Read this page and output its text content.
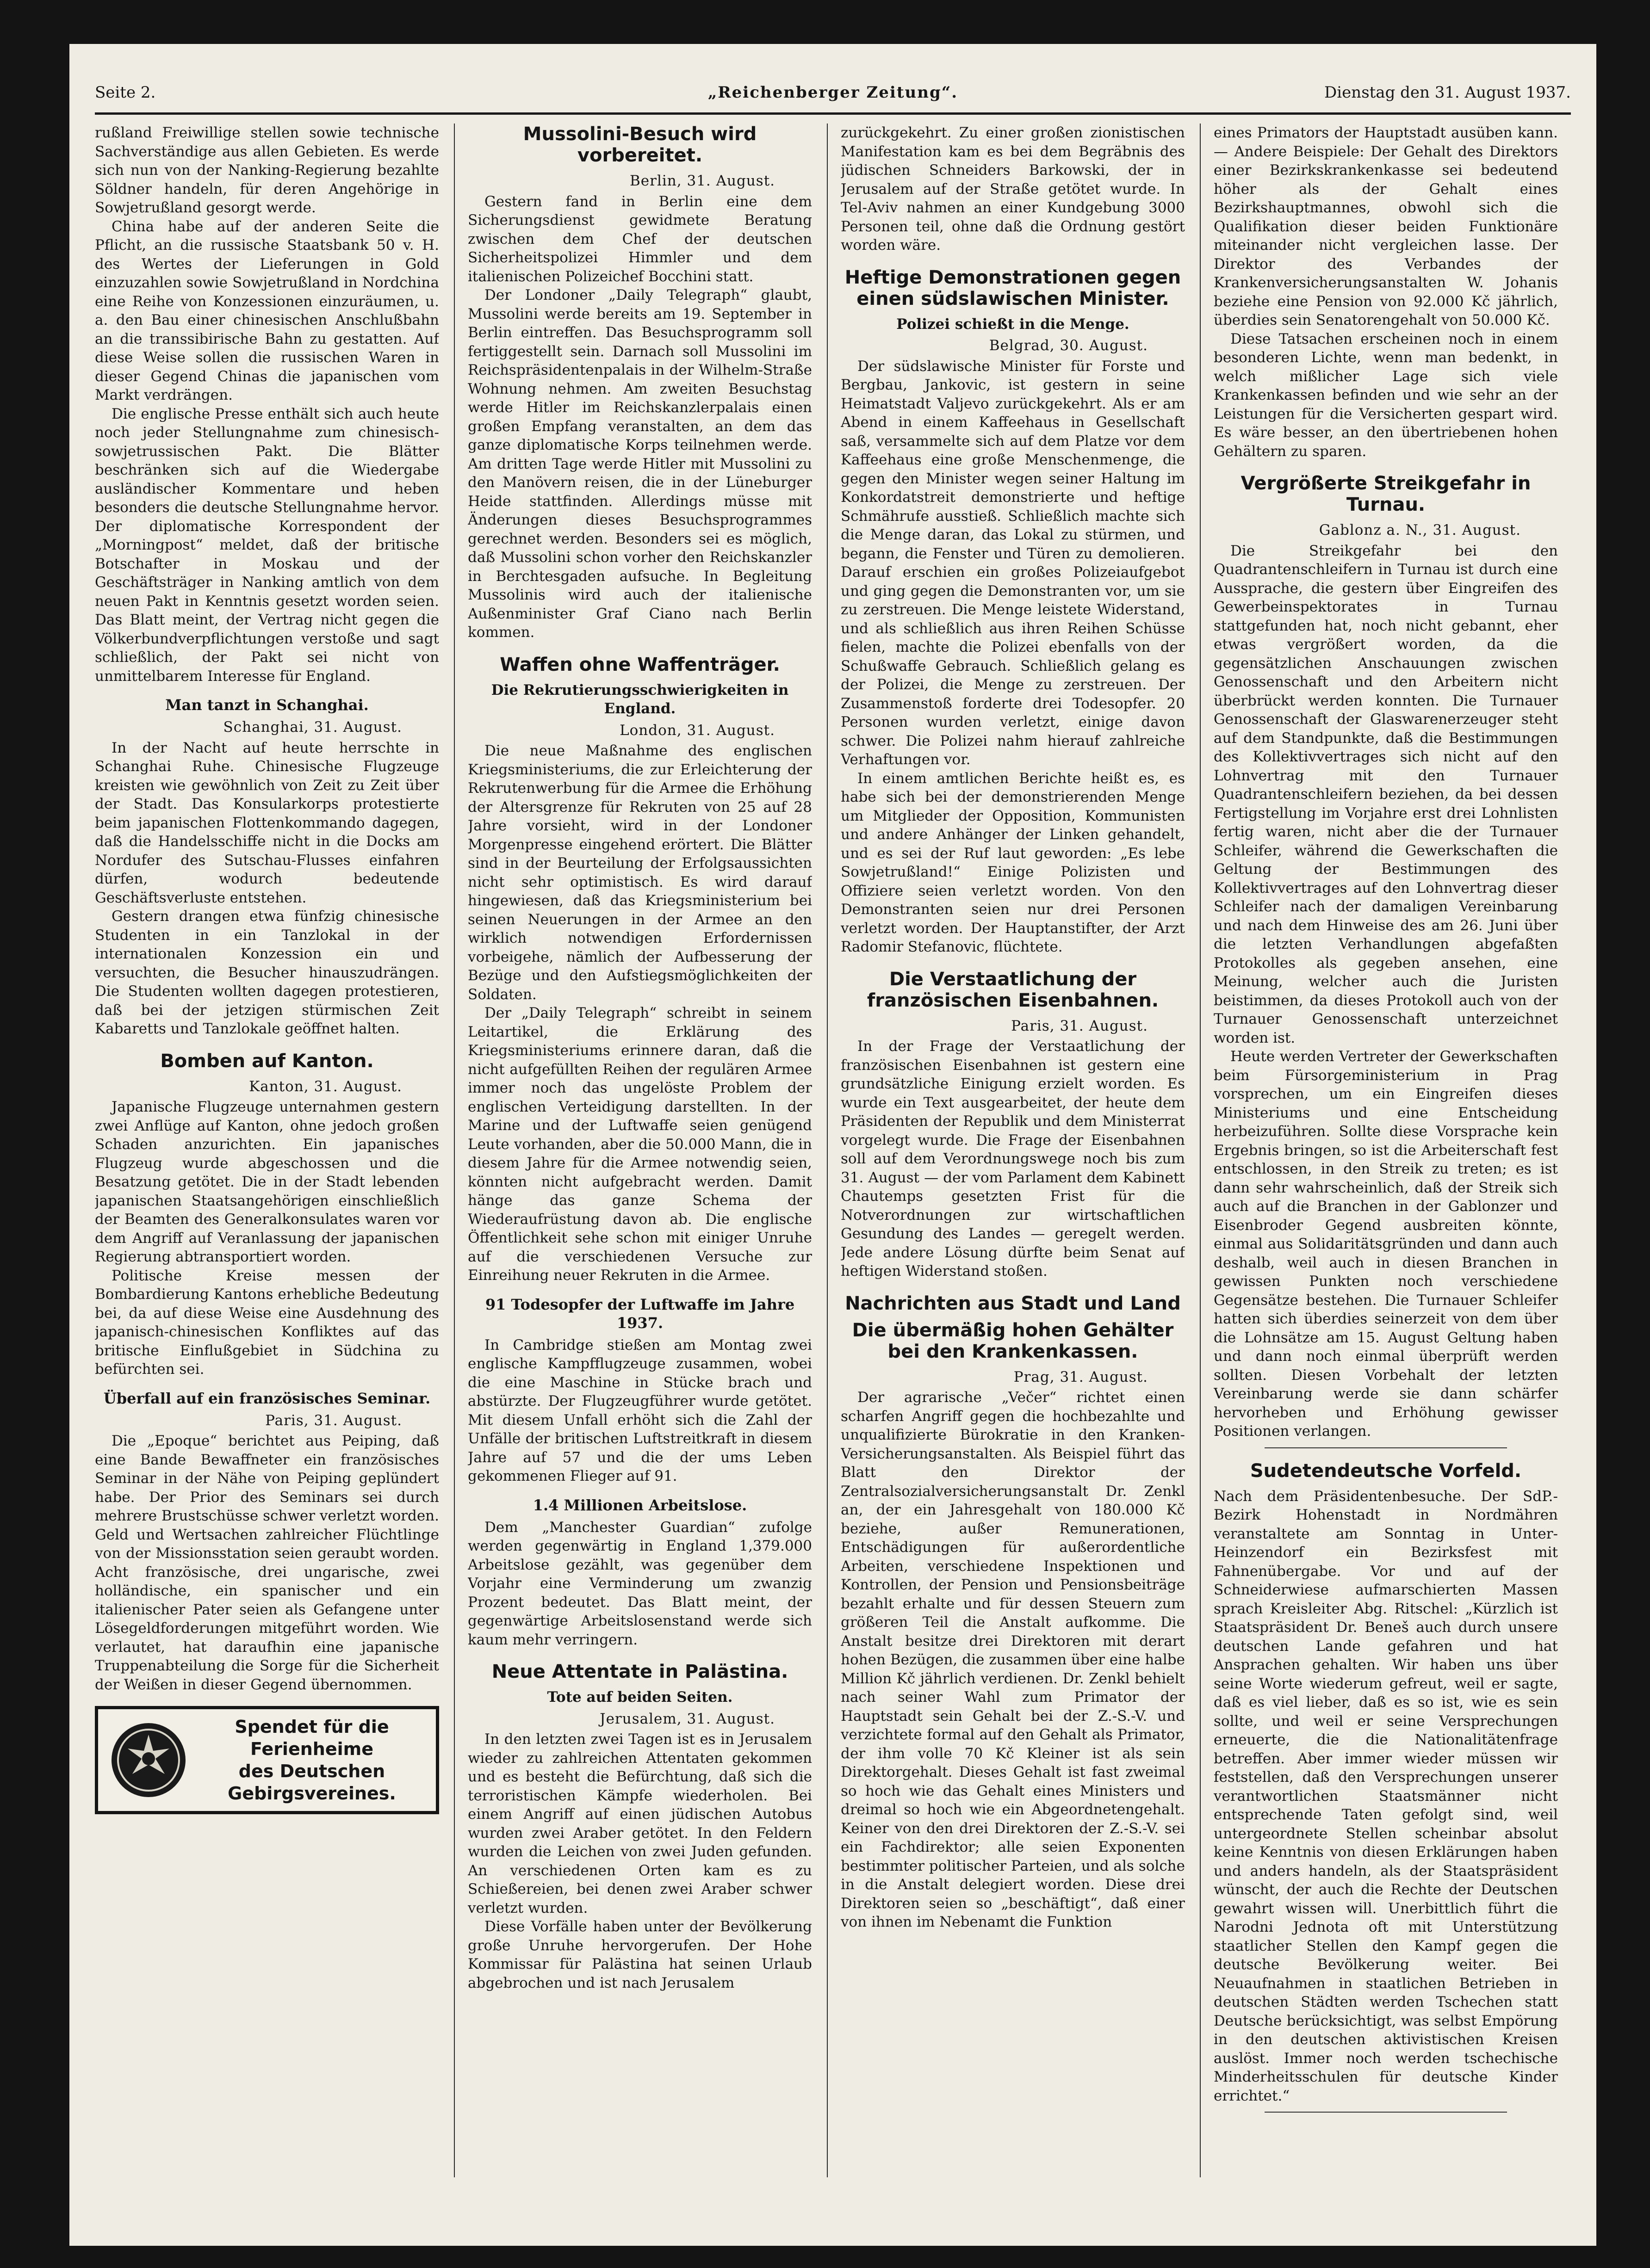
Seite 2.	„Reichenberger Zeitung“.	Dienstag den 31. August 1937.

rußland Freiwillige stellen sowie technische Sachverständige aus allen Gebieten. Es werde sich nun von der Nanking-Regierung bezahlte Söldner handeln, für deren Angehörige in Sowjetrußland gesorgt werde.

China habe auf der anderen Seite die Pflicht, an die russische Staatsbank 50 v. H. des Wertes der Lieferungen in Gold einzuzahlen sowie Sowjetrußland in Nordchina eine Reihe von Konzessionen einzuräumen, u. a. den Bau einer chinesischen Anschlußbahn an die transsibirische Bahn zu gestatten. Auf diese Weise sollen die russischen Waren in dieser Gegend Chinas die japanischen vom Markt verdrängen.

Die englische Presse enthält sich auch heute noch jeder Stellungnahme zum chinesisch-sowjetrussischen Pakt. Die Blätter beschränken sich auf die Wiedergabe ausländischer Kommentare und heben besonders die deutsche Stellungnahme hervor. Der diplomatische Korrespondent der „Morningpost“ meldet, daß der britische Botschafter in Moskau und der Geschäftsträger in Nanking amtlich von dem neuen Pakt in Kenntnis gesetzt worden seien. Das Blatt meint, der Vertrag nicht gegen die Völkerbundverpflichtungen verstoße und sagt schließlich, der Pakt sei nicht von unmittelbarem Interesse für England.

Man tanzt in Schanghai.
Schanghai, 31. August.

In der Nacht auf heute herrschte in Schanghai Ruhe. Chinesische Flugzeuge kreisten wie gewöhnlich von Zeit zu Zeit über der Stadt. Das Konsularkorps protestierte beim japanischen Flottenkommando dagegen, daß die Handelsschiffe nicht in die Docks am Nordufer des Sutschau-Flusses einfahren dürfen, wodurch bedeutende Geschäftsverluste entstehen.

Gestern drangen etwa fünfzig chinesische Studenten in ein Tanzlokal in der internationalen Konzession ein und versuchten, die Besucher hinauszudrängen. Die Studenten wollten dagegen protestieren, daß bei der jetzigen stürmischen Zeit Kabaretts und Tanzlokale geöffnet halten.

Bomben auf Kanton.
Kanton, 31. August.

Japanische Flugzeuge unternahmen gestern zwei Anflüge auf Kanton, ohne jedoch großen Schaden anzurichten. Ein japanisches Flugzeug wurde abgeschossen und die Besatzung getötet. Die in der Stadt lebenden japanischen Staatsangehörigen einschließlich der Beamten des Generalkonsulates waren vor dem Angriff auf Veranlassung der japanischen Regierung abtransportiert worden.

Politische Kreise messen der Bombardierung Kantons erhebliche Bedeutung bei, da auf diese Weise eine Ausdehnung des japanisch-chinesischen Konfliktes auf das britische Einflußgebiet in Südchina zu befürchten sei.

Überfall auf ein französisches Seminar.
Paris, 31. August.

Die „Epoque“ berichtet aus Peiping, daß eine Bande Bewaffneter ein französisches Seminar in der Nähe von Peiping geplündert habe. Der Prior des Seminars sei durch mehrere Brustschüsse schwer verletzt worden. Geld und Wertsachen zahlreicher Flüchtlinge von der Missionsstation seien geraubt worden. Acht französische, drei ungarische, zwei holländische, ein spanischer und ein italienischer Pater seien als Gefangene unter Lösegeldforderungen mitgeführt worden. Wie verlautet, hat daraufhin eine japanische Truppenabteilung die Sorge für die Sicherheit der Weißen in dieser Gegend übernommen.

Spendet für die
Ferienheime
des Deutschen
Gebirgsvereines.
Mussolini-Besuch wird vorbereitet.
Berlin, 31. August.

Gestern fand in Berlin eine dem Sicherungsdienst gewidmete Beratung zwischen dem Chef der deutschen Sicherheitspolizei Himmler und dem italienischen Polizeichef Bocchini statt.

Der Londoner „Daily Telegraph“ glaubt, Mussolini werde bereits am 19. September in Berlin eintreffen. Das Besuchsprogramm soll fertiggestellt sein. Darnach soll Mussolini im Reichspräsidentenpalais in der Wilhelm-Straße Wohnung nehmen. Am zweiten Besuchstag werde Hitler im Reichskanzlerpalais einen großen Empfang veranstalten, an dem das ganze diplomatische Korps teilnehmen werde. Am dritten Tage werde Hitler mit Mussolini zu den Manövern reisen, die in der Lüneburger Heide stattfinden. Allerdings müsse mit Änderungen dieses Besuchsprogrammes gerechnet werden. Besonders sei es möglich, daß Mussolini schon vorher den Reichskanzler in Berchtesgaden aufsuche. In Begleitung Mussolinis wird auch der italienische Außenminister Graf Ciano nach Berlin kommen.

Waffen ohne Waffenträger.
Die Rekrutierungsschwierigkeiten in England.
London, 31. August.

Die neue Maßnahme des englischen Kriegsministeriums, die zur Erleichterung der Rekrutenwerbung für die Armee die Erhöhung der Altersgrenze für Rekruten von 25 auf 28 Jahre vorsieht, wird in der Londoner Morgenpresse eingehend erörtert. Die Blätter sind in der Beurteilung der Erfolgsaussichten nicht sehr optimistisch. Es wird darauf hingewiesen, daß das Kriegsministerium bei seinen Neuerungen in der Armee an den wirklich notwendigen Erfordernissen vorbeigehe, nämlich der Aufbesserung der Bezüge und den Aufstiegsmöglichkeiten der Soldaten.

Der „Daily Telegraph“ schreibt in seinem Leitartikel, die Erklärung des Kriegsministeriums erinnere daran, daß die nicht aufgefüllten Reihen der regulären Armee immer noch das ungelöste Problem der englischen Verteidigung darstellten. In der Marine und der Luftwaffe seien genügend Leute vorhanden, aber die 50.000 Mann, die in diesem Jahre für die Armee notwendig seien, könnten nicht aufgebracht werden. Damit hänge das ganze Schema der Wiederaufrüstung davon ab. Die englische Öffentlichkeit sehe schon mit einiger Unruhe auf die verschiedenen Versuche zur Einreihung neuer Rekruten in die Armee.

91 Todesopfer der Luftwaffe im Jahre 1937.

In Cambridge stießen am Montag zwei englische Kampfflugzeuge zusammen, wobei die eine Maschine in Stücke brach und abstürzte. Der Flugzeugführer wurde getötet. Mit diesem Unfall erhöht sich die Zahl der Unfälle der britischen Luftstreitkraft in diesem Jahre auf 57 und die der ums Leben gekommenen Flieger auf 91.

1.4 Millionen Arbeitslose.

Dem „Manchester Guardian“ zufolge werden gegenwärtig in England 1,379.000 Arbeitslose gezählt, was gegenüber dem Vorjahr eine Verminderung um zwanzig Prozent bedeutet. Das Blatt meint, der gegenwärtige Arbeitslosenstand werde sich kaum mehr verringern.

Neue Attentate in Palästina.
Tote auf beiden Seiten.
Jerusalem, 31. August.

In den letzten zwei Tagen ist es in Jerusalem wieder zu zahlreichen Attentaten gekommen und es besteht die Befürchtung, daß sich die terroristischen Kämpfe wiederholen. Bei einem Angriff auf einen jüdischen Autobus wurden zwei Araber getötet. In den Feldern wurden die Leichen von zwei Juden gefunden. An verschiedenen Orten kam es zu Schießereien, bei denen zwei Araber schwer verletzt wurden.

Diese Vorfälle haben unter der Bevölkerung große Unruhe hervorgerufen. Der Hohe Kommissar für Palästina hat seinen Urlaub abgebrochen und ist nach Jerusalem

zurückgekehrt. Zu einer großen zionistischen Manifestation kam es bei dem Begräbnis des jüdischen Schneiders Barkowski, der in Jerusalem auf der Straße getötet wurde. In Tel-Aviv nahmen an einer Kundgebung 3000 Personen teil, ohne daß die Ordnung gestört worden wäre.

Heftige Demonstrationen gegen einen südslawischen Minister.
Polizei schießt in die Menge.
Belgrad, 30. August.

Der südslawische Minister für Forste und Bergbau, Jankovic, ist gestern in seine Heimatstadt Valjevo zurückgekehrt. Als er am Abend in einem Kaffeehaus in Gesellschaft saß, versammelte sich auf dem Platze vor dem Kaffeehaus eine große Menschenmenge, die gegen den Minister wegen seiner Haltung im Konkordatstreit demonstrierte und heftige Schmährufe ausstieß. Schließlich machte sich die Menge daran, das Lokal zu stürmen, und begann, die Fenster und Türen zu demolieren. Darauf erschien ein großes Polizeiaufgebot und ging gegen die Demonstranten vor, um sie zu zerstreuen. Die Menge leistete Widerstand, und als schließlich aus ihren Reihen Schüsse fielen, machte die Polizei ebenfalls von der Schußwaffe Gebrauch. Schließlich gelang es der Polizei, die Menge zu zerstreuen. Der Zusammenstoß forderte drei Todesopfer. 20 Personen wurden verletzt, einige davon schwer. Die Polizei nahm hierauf zahlreiche Verhaftungen vor.

In einem amtlichen Berichte heißt es, es habe sich bei der demonstrierenden Menge um Mitglieder der Opposition, Kommunisten und andere Anhänger der Linken gehandelt, und es sei der Ruf laut geworden: „Es lebe Sowjetrußland!“ Einige Polizisten und Offiziere seien verletzt worden. Von den Demonstranten seien nur drei Personen verletzt worden. Der Hauptanstifter, der Arzt Radomir Stefanovic, flüchtete.

Die Verstaatlichung der französischen Eisenbahnen.
Paris, 31. August.

In der Frage der Verstaatlichung der französischen Eisenbahnen ist gestern eine grundsätzliche Einigung erzielt worden. Es wurde ein Text ausgearbeitet, der heute dem Präsidenten der Republik und dem Ministerrat vorgelegt wurde. Die Frage der Eisenbahnen soll auf dem Verordnungswege noch bis zum 31. August — der vom Parlament dem Kabinett Chautemps gesetzten Frist für die Notverordnungen zur wirtschaftlichen Gesundung des Landes — geregelt werden. Jede andere Lösung dürfte beim Senat auf heftigen Widerstand stoßen.

Nachrichten aus Stadt und Land
Die übermäßig hohen Gehälter bei den Krankenkassen.
Prag, 31. August.

Der agrarische „Večer“ richtet einen scharfen Angriff gegen die hochbezahlte und unqualifizierte Bürokratie in den Kranken-Versicherungsanstalten. Als Beispiel führt das Blatt den Direktor der Zentralsozialversicherungsanstalt Dr. Zenkl an, der ein Jahresgehalt von 180.000 Kč beziehe, außer Remunerationen, Entschädigungen für außerordentliche Arbeiten, verschiedene Inspektionen und Kontrollen, der Pension und Pensionsbeiträge bezahlt erhalte und für dessen Steuern zum größeren Teil die Anstalt aufkomme. Die Anstalt besitze drei Direktoren mit derart hohen Bezügen, die zusammen über eine halbe Million Kč jährlich verdienen. Dr. Zenkl behielt nach seiner Wahl zum Primator der Hauptstadt sein Gehalt bei der Z.-S.-V. und verzichtete formal auf den Gehalt als Primator, der ihm volle 70 Kč Kleiner ist als sein Direktorgehalt. Dieses Gehalt ist fast zweimal so hoch wie das Gehalt eines Ministers und dreimal so hoch wie ein Abgeordnetengehalt. Keiner von den drei Direktoren der Z.-S.-V. sei ein Fachdirektor; alle seien Exponenten bestimmter politischer Parteien, und als solche in die Anstalt delegiert worden. Diese drei Direktoren seien so „beschäftigt“, daß einer von ihnen im Nebenamt die Funktion

eines Primators der Hauptstadt ausüben kann. — Andere Beispiele: Der Gehalt des Direktors einer Bezirkskrankenkasse sei bedeutend höher als der Gehalt eines Bezirkshauptmannes, obwohl sich die Qualifikation dieser beiden Funktionäre miteinander nicht vergleichen lasse. Der Direktor des Verbandes der Krankenversicherungsanstalten W. Johanis beziehe eine Pension von 92.000 Kč jährlich, überdies sein Senatorengehalt von 50.000 Kč.

Diese Tatsachen erscheinen noch in einem besonderen Lichte, wenn man bedenkt, in welch mißlicher Lage sich viele Krankenkassen befinden und wie sehr an der Leistungen für die Versicherten gespart wird. Es wäre besser, an den übertriebenen hohen Gehältern zu sparen.

Vergrößerte Streikgefahr in Turnau.
Gablonz a. N., 31. August.

Die Streikgefahr bei den Quadrantenschleifern in Turnau ist durch eine Aussprache, die gestern über Eingreifen des Gewerbeinspektorates in Turnau stattgefunden hat, noch nicht gebannt, eher etwas vergrößert worden, da die gegensätzlichen Anschauungen zwischen Genossenschaft und den Arbeitern nicht überbrückt werden konnten. Die Turnauer Genossenschaft der Glaswarenerzeuger steht auf dem Standpunkte, daß die Bestimmungen des Kollektivvertrages sich nicht auf den Lohnvertrag mit den Turnauer Quadrantenschleifern beziehen, da bei dessen Fertigstellung im Vorjahre erst drei Lohnlisten fertig waren, nicht aber die der Turnauer Schleifer, während die Gewerkschaften die Geltung der Bestimmungen des Kollektivvertrages auf den Lohnvertrag dieser Schleifer nach der damaligen Vereinbarung und nach dem Hinweise des am 26. Juni über die letzten Verhandlungen abgefaßten Protokolles als gegeben ansehen, eine Meinung, welcher auch die Juristen beistimmen, da dieses Protokoll auch von der Turnauer Genossenschaft unterzeichnet worden ist.

Heute werden Vertreter der Gewerkschaften beim Fürsorgeministerium in Prag vorsprechen, um ein Eingreifen dieses Ministeriums und eine Entscheidung herbeizuführen. Sollte diese Vorsprache kein Ergebnis bringen, so ist die Arbeiterschaft fest entschlossen, in den Streik zu treten; es ist dann sehr wahrscheinlich, daß der Streik sich auch auf die Branchen in der Gablonzer und Eisenbroder Gegend ausbreiten könnte, einmal aus Solidaritätsgründen und dann auch deshalb, weil auch in diesen Branchen in gewissen Punkten noch verschiedene Gegensätze bestehen. Die Turnauer Schleifer hatten sich überdies seinerzeit von dem über die Lohnsätze am 15. August Geltung haben und dann noch einmal überprüft werden sollten. Diesen Vorbehalt der letzten Vereinbarung werde sie dann schärfer hervorheben und Erhöhung gewisser Positionen verlangen.

Sudetendeutsche Vorfeld.

Nach dem Präsidentenbesuche. Der SdP.-Bezirk Hohenstadt in Nordmähren veranstaltete am Sonntag in Unter-Heinzendorf ein Bezirksfest mit Fahnenübergabe. Vor und auf der Schneiderwiese aufmarschierten Massen sprach Kreisleiter Abg. Ritschel: „Kürzlich ist Staatspräsident Dr. Beneš auch durch unsere deutschen Lande gefahren und hat Ansprachen gehalten. Wir haben uns über seine Worte wiederum gefreut, weil er sagte, daß es viel lieber, daß es so ist, wie es sein sollte, und weil er seine Versprechungen erneuerte, die die Nationalitätenfrage betreffen. Aber immer wieder müssen wir feststellen, daß den Versprechungen unserer verantwortlichen Staatsmänner nicht entsprechende Taten gefolgt sind, weil untergeordnete Stellen scheinbar absolut keine Kenntnis von diesen Erklärungen haben und anders handeln, als der Staatspräsident wünscht, der auch die Rechte der Deutschen gewahrt wissen will. Unerbittlich führt die Narodni Jednota oft mit Unterstützung staatlicher Stellen den Kampf gegen die deutsche Bevölkerung weiter. Bei Neuaufnahmen in staatlichen Betrieben in deutschen Städten werden Tschechen statt Deutsche berücksichtigt, was selbst Empörung in den deutschen aktivistischen Kreisen auslöst. Immer noch werden tschechische Minderheitsschulen für deutsche Kinder errichtet.“
